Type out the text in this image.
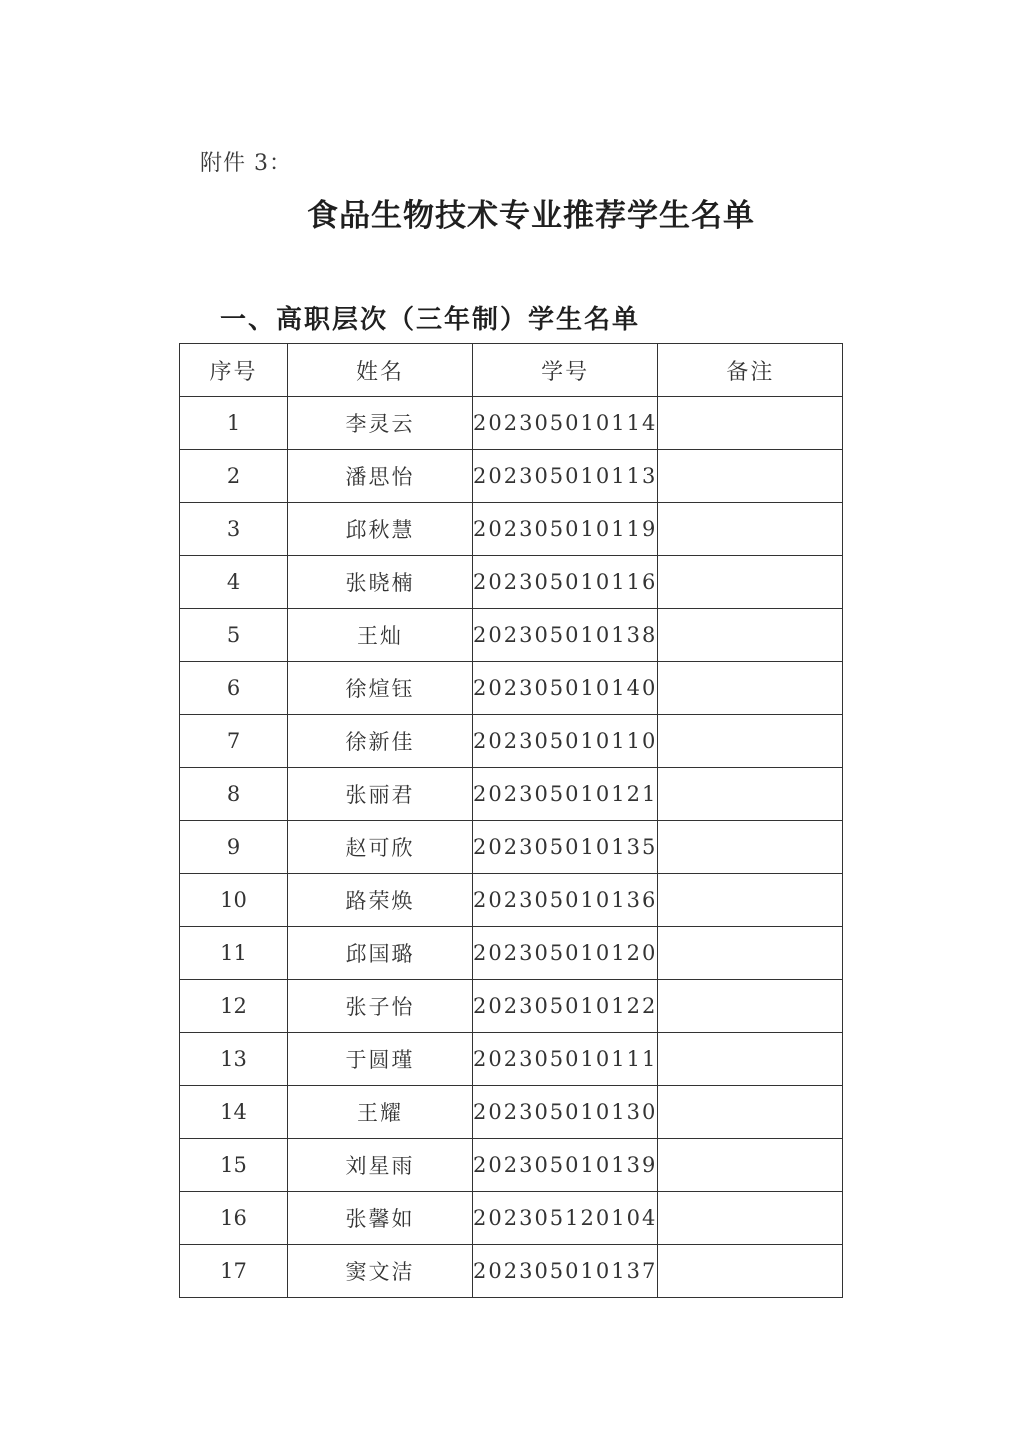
附件 3：
食品生物技术专业推荐学生名单
一、高职层次（三年制）学生名单
序号	姓名	学号	备注
1	李灵云	202305010114	
2	潘思怡	202305010113	
3	邱秋慧	202305010119	
4	张晓楠	202305010116	
5	王灿	202305010138	
6	徐煊钰	202305010140	
7	徐新佳	202305010110	
8	张丽君	202305010121	
9	赵可欣	202305010135	
10	路荣焕	202305010136	
11	邱国璐	202305010120	
12	张子怡	202305010122	
13	于圆瑾	202305010111	
14	王耀	202305010130	
15	刘星雨	202305010139	
16	张馨如	202305120104	
17	窦文洁	202305010137	
